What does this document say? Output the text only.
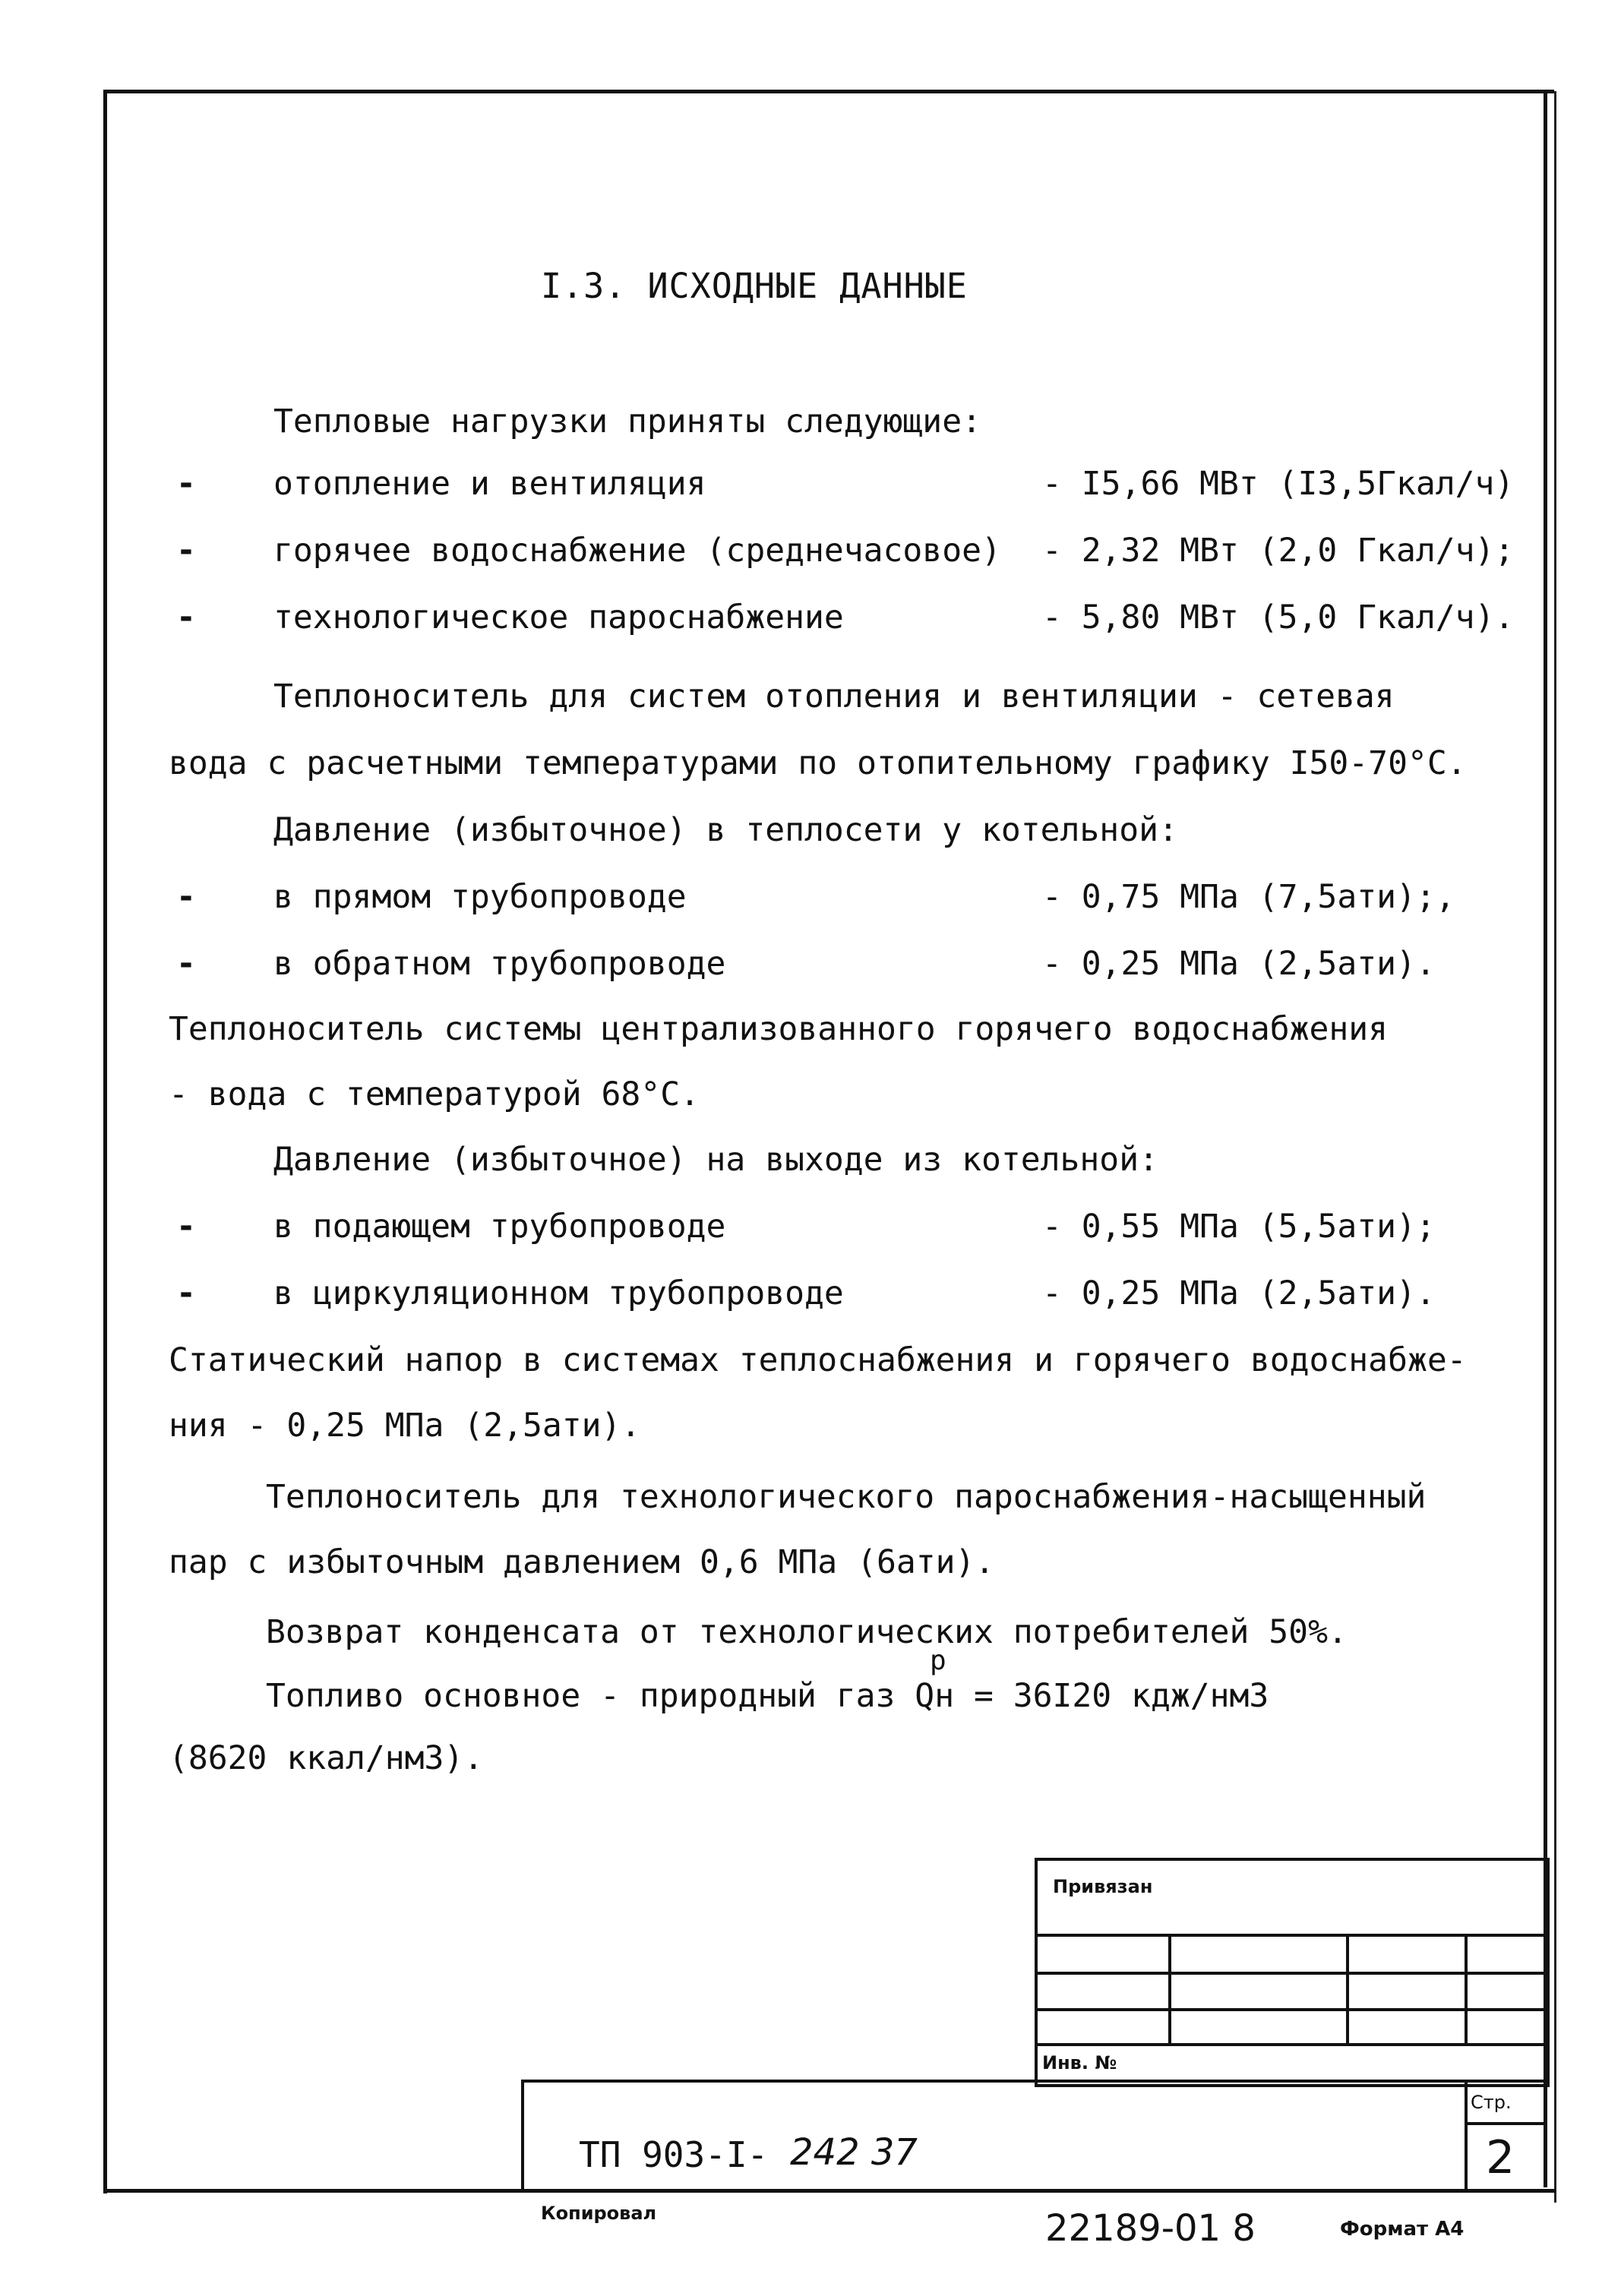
I.3. ИСХОДНЫЕ ДАННЫЕ
Тепловые нагрузки приняты следующие:
- отопление и вентиляция	- I5,66 МВт (I3,5Гкал/ч)
- горячее водоснабжение (среднечасовое) - 2,32 МВт (2,0 Гкал/ч);
- технологическое пароснабжение	- 5,80 МВт (5,0 Гкал/ч).
Теплоноситель для систем отопления и вентиляции - сетевая
вода с расчетными температурами по отопительному графику I50-70°С.
Давление (избыточное) в теплосети у котельной:
- в прямом трубопроводе	- 0,75 МПа (7,5ати);,
- в обратном трубопроводе	- 0,25 МПа (2,5ати).
Теплоноситель системы централизованного горячего водоснабжения
- вода с температурой 68°С.
Давление (избыточное) на выходе из котельной:
- в подающем трубопроводе	- 0,55 МПа (5,5ати);
- в циркуляционном трубопроводе	- 0,25 МПа (2,5ати).
Статический напор в системах теплоснабжения и горячего водоснабже-
ния - 0,25 МПа (2,5ати).
Теплоноситель для технологического пароснабжения-насыщенный
пар с избыточным давлением 0,6 МПа (6ати).
Возврат конденсата от технологических потребителей 50%.
р
Топливо основное - природный газ Qн = 36I20 кдж/нм3
(8620 ккал/нм3).
Привязан
Инв. №
Стр.
2
ТП 903-I- 242 37
Копировал	22189-01 8	Формат А4
